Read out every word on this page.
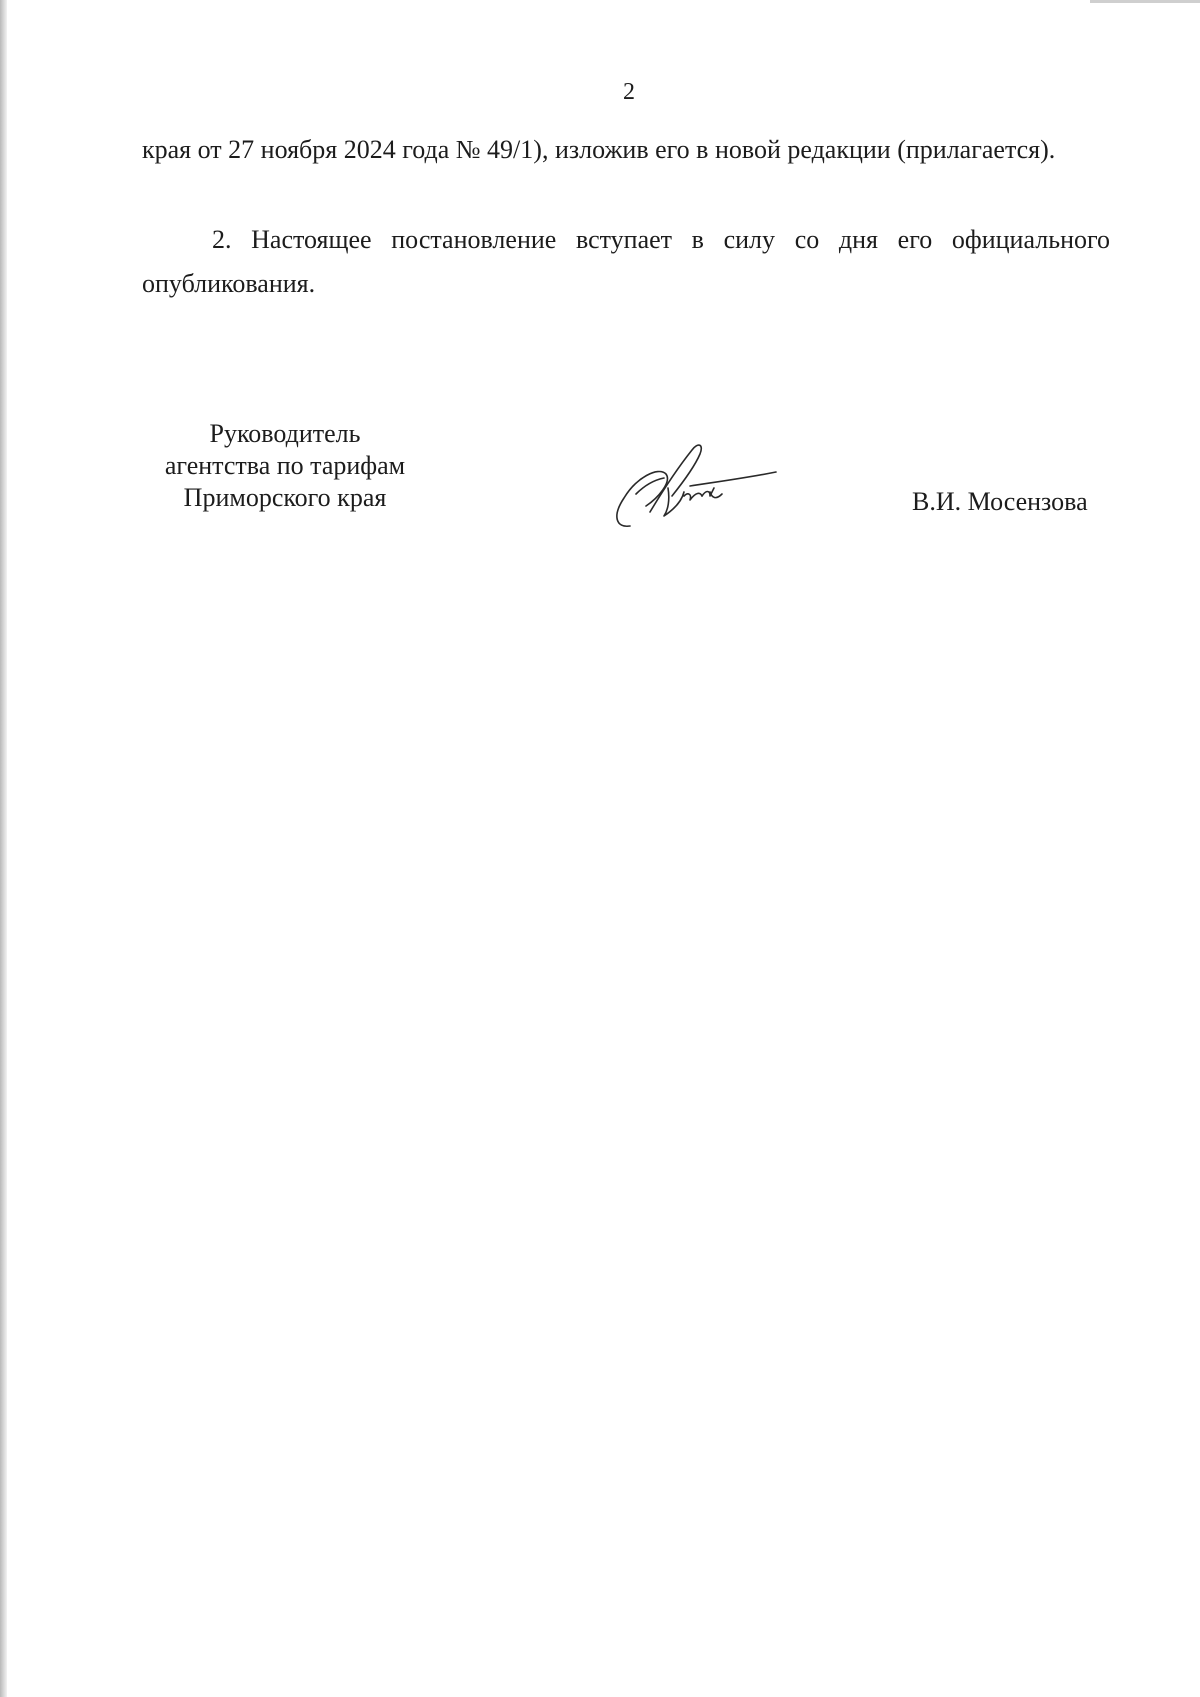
2

края от 27 ноября 2024 года № 49/1), изложив его в новой редакции (прилагается).

2. Настоящее постановление вступает в силу со дня его официального опубликования.

Руководитель
агентства по тарифам
Приморского края	В.И. Мосензова
